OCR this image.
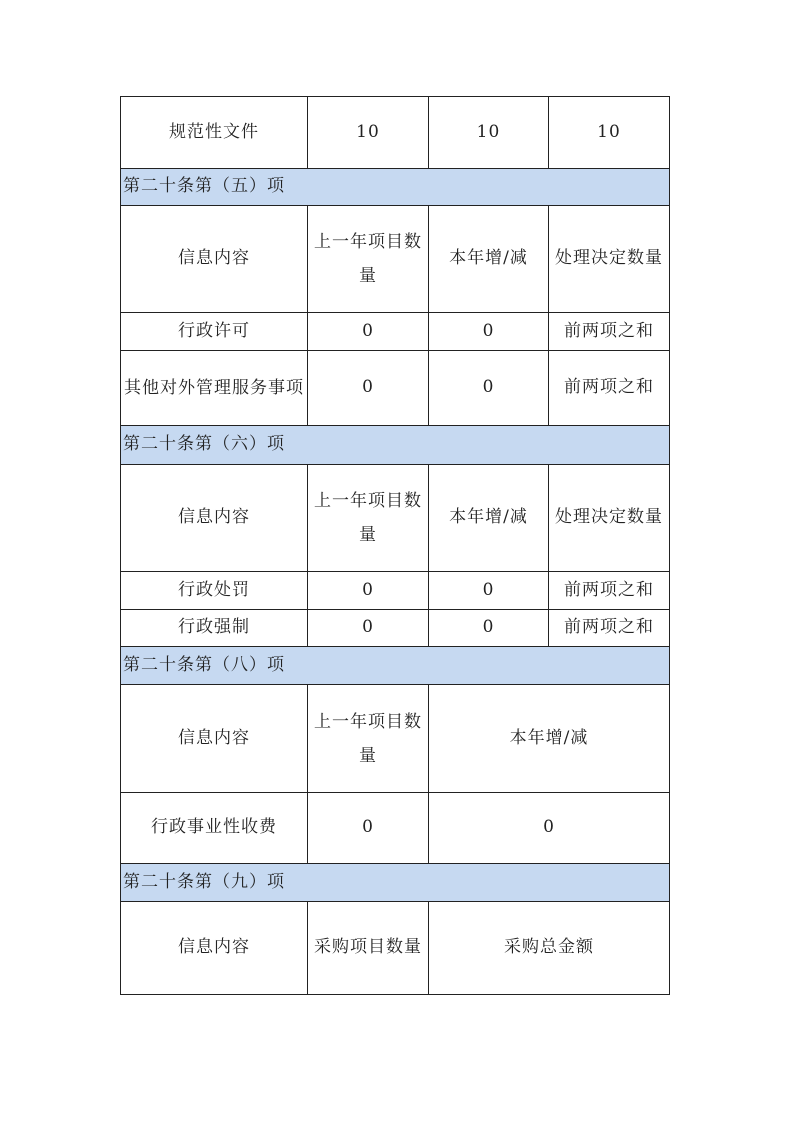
规范性文件	10	10	10
第二十条第（五）项			
信息内容	上一年项目数量	本年增/减	处理决定数量
行政许可	0	0	前两项之和
其他对外管理服务事项	0	0	前两项之和
第二十条第（六）项			
信息内容	上一年项目数量	本年增/减	处理决定数量
行政处罚	0	0	前两项之和
行政强制	0	0	前两项之和
第二十条第（八）项			
信息内容	上一年项目数量	本年增/减	
行政事业性收费	0	0	
第二十条第（九）项			
信息内容	采购项目数量	采购总金额	
